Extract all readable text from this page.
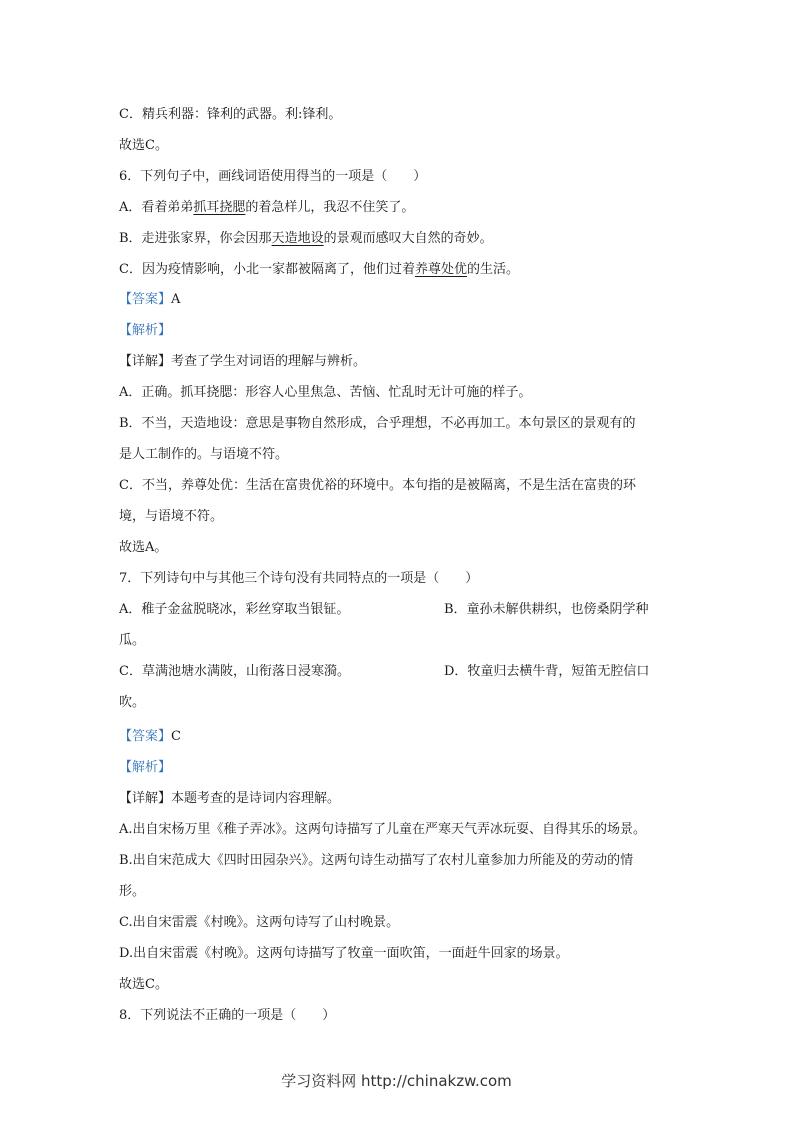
C．精兵利器：锋利的武器。利:锋利。
故选C。
6．下列句子中，画线词语使用得当的一项是（　　）
A．看着弟弟抓耳挠腮的着急样儿，我忍不住笑了。
B．走进张家界，你会因那天造地设的景观而感叹大自然的奇妙。
C．因为疫情影响，小北一家都被隔离了，他们过着养尊处优的生活。
【答案】A
【解析】
【详解】考查了学生对词语的理解与辨析。
A．正确。抓耳挠腮：形容人心里焦急、苦恼、忙乱时无计可施的样子。
B．不当，天造地设：意思是事物自然形成，合乎理想，不必再加工。本句景区的景观有的
是人工制作的。与语境不符。
C．不当，养尊处优：生活在富贵优裕的环境中。本句指的是被隔离，不是生活在富贵的环
境，与语境不符。
故选A。
7．下列诗句中与其他三个诗句没有共同特点的一项是（　　）
A．稚子金盆脱晓冰，彩丝穿取当银钲。	B．童孙未解供耕织，也傍桑阴学种
瓜。
C．草满池塘水满陂，山衔落日浸寒漪。	D．牧童归去横牛背，短笛无腔信口
吹。
【答案】C
【解析】
【详解】本题考查的是诗词内容理解。
A.出自宋杨万里《稚子弄冰》。这两句诗描写了儿童在严寒天气弄冰玩耍、自得其乐的场景。
B.出自宋范成大《四时田园杂兴》。这两句诗生动描写了农村儿童参加力所能及的劳动的情
形。
C.出自宋雷震《村晚》。这两句诗写了山村晚景。
D.出自宋雷震《村晚》。这两句诗描写了牧童一面吹笛，一面赶牛回家的场景。
故选C。
8．下列说法不正确的一项是（　　）
学习资料网 http://chinakzw.com
